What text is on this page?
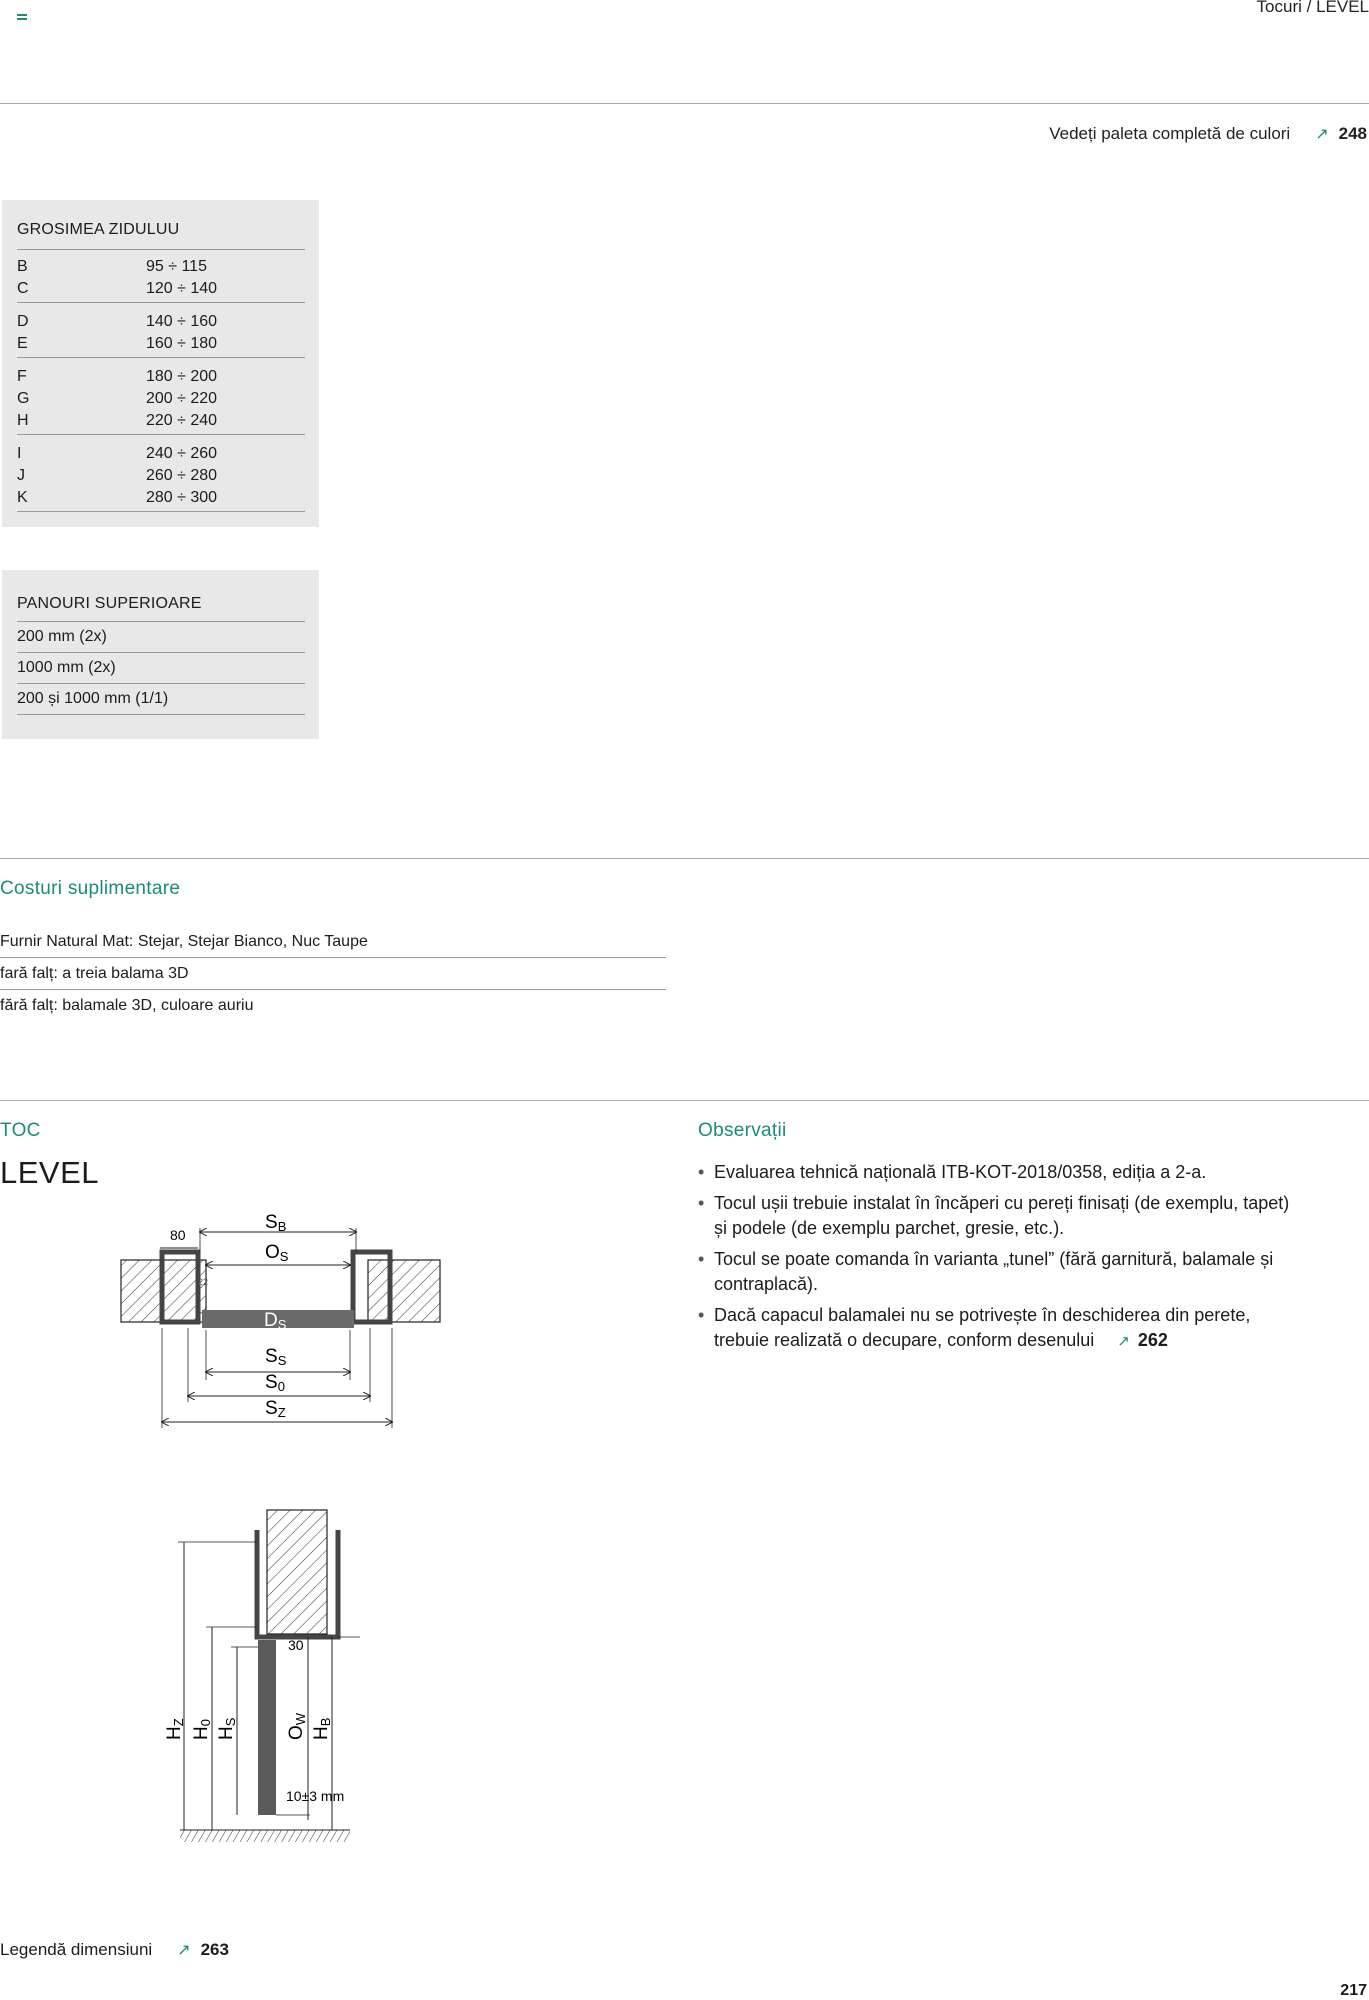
Tocuri / LEVEL
Vedeți paleta completă de culori ↗ 248
GROSIMEA ZIDULUU
B	95 ÷ 115
C	120 ÷ 140
D	140 ÷ 160
E	160 ÷ 180
F	180 ÷ 200
G	200 ÷ 220
H	220 ÷ 240
I	240 ÷ 260
J	260 ÷ 280
K	280 ÷ 300
PANOURI SUPERIOARE
200 mm (2x)
1000 mm (2x)
200 și 1000 mm (1/1)
Costuri suplimentare
Furnir Natural Mat: Stejar, Stejar Bianco, Nuc Taupe
fară falț: a treia balama 3D
fără falț: balamale 3D, culoare auriu
TOC
LEVEL
SB
OS
80
22
DS
SS
S0
SZ
HZ
H0
HS
OW
HB
30
10±3 mm
Observații
• Evaluarea tehnică națională ITB-KOT-2018/0358, ediția a 2-a.
• Tocul ușii trebuie instalat în încăperi cu pereți finisați (de exemplu, tapet) și podele (de exemplu parchet, gresie, etc.).
• Tocul se poate comanda în varianta „tunel” (fără garnitură, balamale și contraplacă).
• Dacă capacul balamalei nu se potrivește în deschiderea din perete, trebuie realizată o decupare, conform desenului ↗ 262
Legendă dimensiuni ↗ 263
217
